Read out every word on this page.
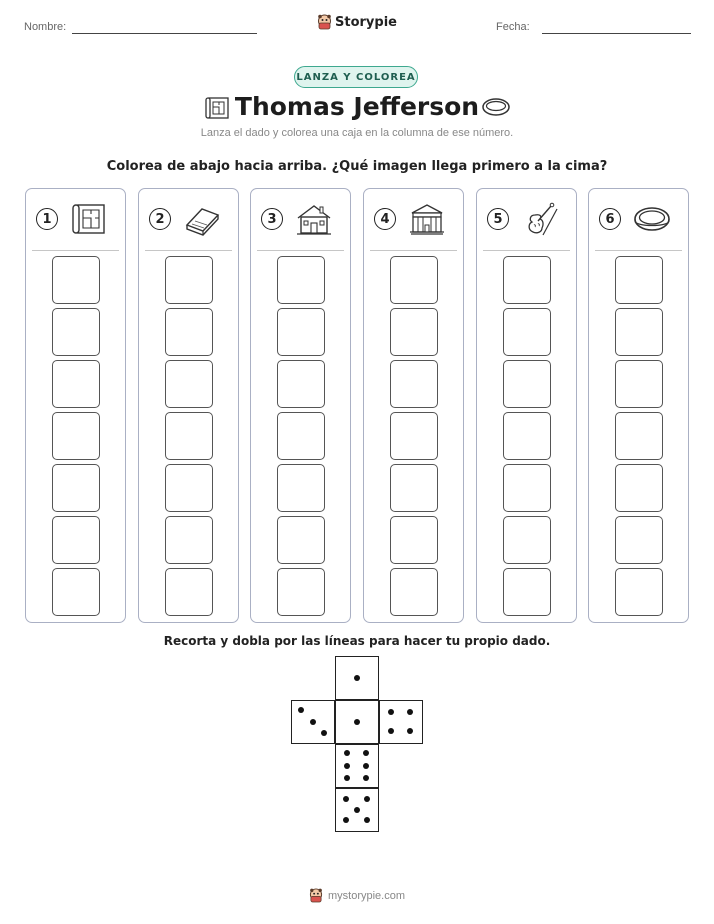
Nombre:	Storypie	Fecha:
LANZA Y COLOREA
Thomas Jefferson
Lanza el dado y colorea una caja en la columna de ese número.
Colorea de abajo hacia arriba. ¿Qué imagen llega primero a la cima?
1	2	3	4	5	6
Recorta y dobla por las líneas para hacer tu propio dado.
mystorypie.com
